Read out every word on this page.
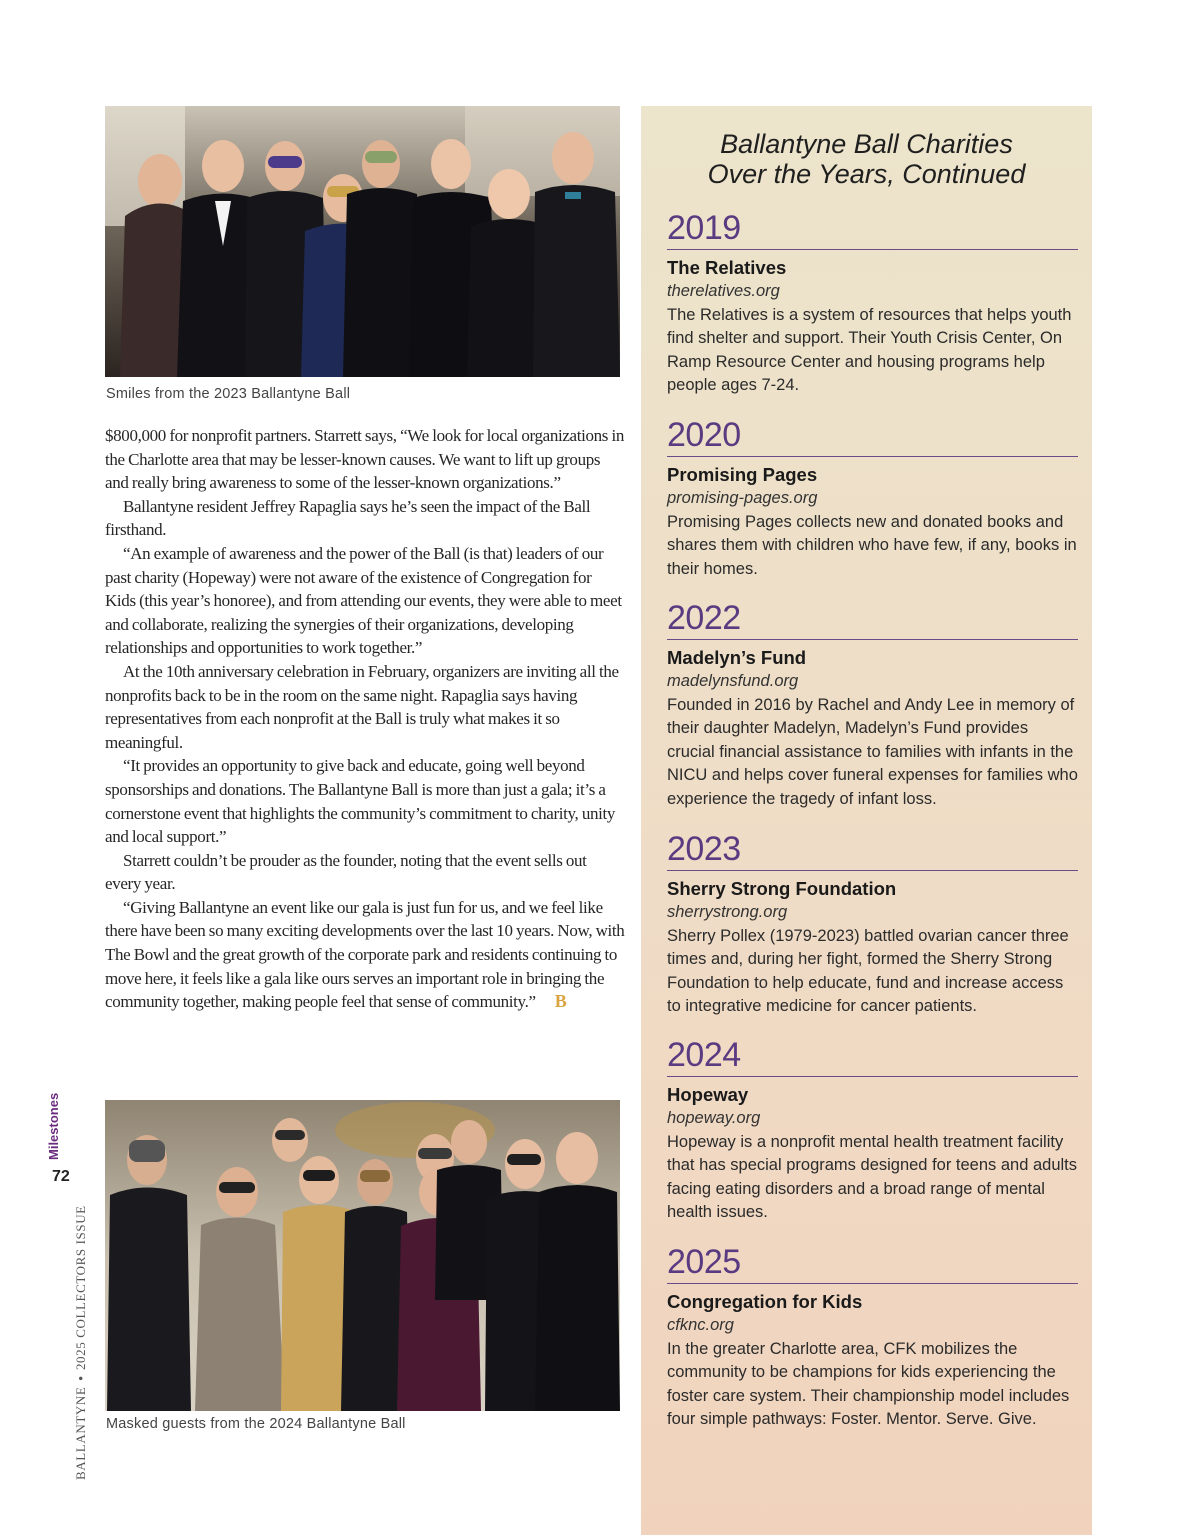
Smiles from the 2023 Ballantyne Ball

$800,000 for nonprofit partners. Starrett says, “We look for local organizations in the Charlotte area that may be lesser-known causes. We want to lift up groups and really bring awareness to some of the lesser-known organizations.”

Ballantyne resident Jeffrey Rapaglia says he’s seen the impact of the Ball firsthand.

“An example of awareness and the power of the Ball (is that) leaders of our past charity (Hopeway) were not aware of the existence of Congregation for Kids (this year’s honoree), and from attending our events, they were able to meet and collaborate, realizing the synergies of their organizations, developing relationships and opportunities to work together.”

At the 10th anniversary celebration in February, organizers are inviting all the nonprofits back to be in the room on the same night. Rapaglia says having representatives from each nonprofit at the Ball is truly what makes it so meaningful.

“It provides an opportunity to give back and educate, going well beyond sponsorships and donations. The Ballantyne Ball is more than just a gala; it’s a cornerstone event that highlights the community’s commitment to charity, unity and local support.”

Starrett couldn’t be prouder as the founder, noting that the event sells out every year.

“Giving Ballantyne an event like our gala is just fun for us, and we feel like there have been so many exciting developments over the last 10 years. Now, with The Bowl and the great growth of the corporate park and residents continuing to move here, it feels like a gala like ours serves an important role in bringing the community together, making people feel that sense of community.” B

Masked guests from the 2024 Ballantyne Ball
Milestones
72
BALLANTYNE•2025 COLLECTORS ISSUE
Ballantyne Ball Charities
Over the Years, Continued
2019
The Relatives
therelatives.org
The Relatives is a system of resources that helps youth find shelter and support. Their Youth Crisis Center, On Ramp Resource Center and housing programs help people ages 7-24.
2020
Promising Pages
promising-pages.org
Promising Pages collects new and donated books and shares them with children who have few, if any, books in their homes.
2022
Madelyn’s Fund
madelynsfund.org
Founded in 2016 by Rachel and Andy Lee in memory of their daughter Madelyn, Madelyn’s Fund provides crucial financial assistance to families with infants in the NICU and helps cover funeral expenses for families who experience the tragedy of infant loss.
2023
Sherry Strong Foundation
sherrystrong.org
Sherry Pollex (1979-2023) battled ovarian cancer three times and, during her fight, formed the Sherry Strong Foundation to help educate, fund and increase access to integrative medicine for cancer patients.
2024
Hopeway
hopeway.org
Hopeway is a nonprofit mental health treatment facility that has special programs designed for teens and adults facing eating disorders and a broad range of mental health issues.
2025
Congregation for Kids
cfknc.org
In the greater Charlotte area, CFK mobilizes the community to be champions for kids experiencing the foster care system. Their championship model includes four simple pathways: Foster. Mentor. Serve. Give.
